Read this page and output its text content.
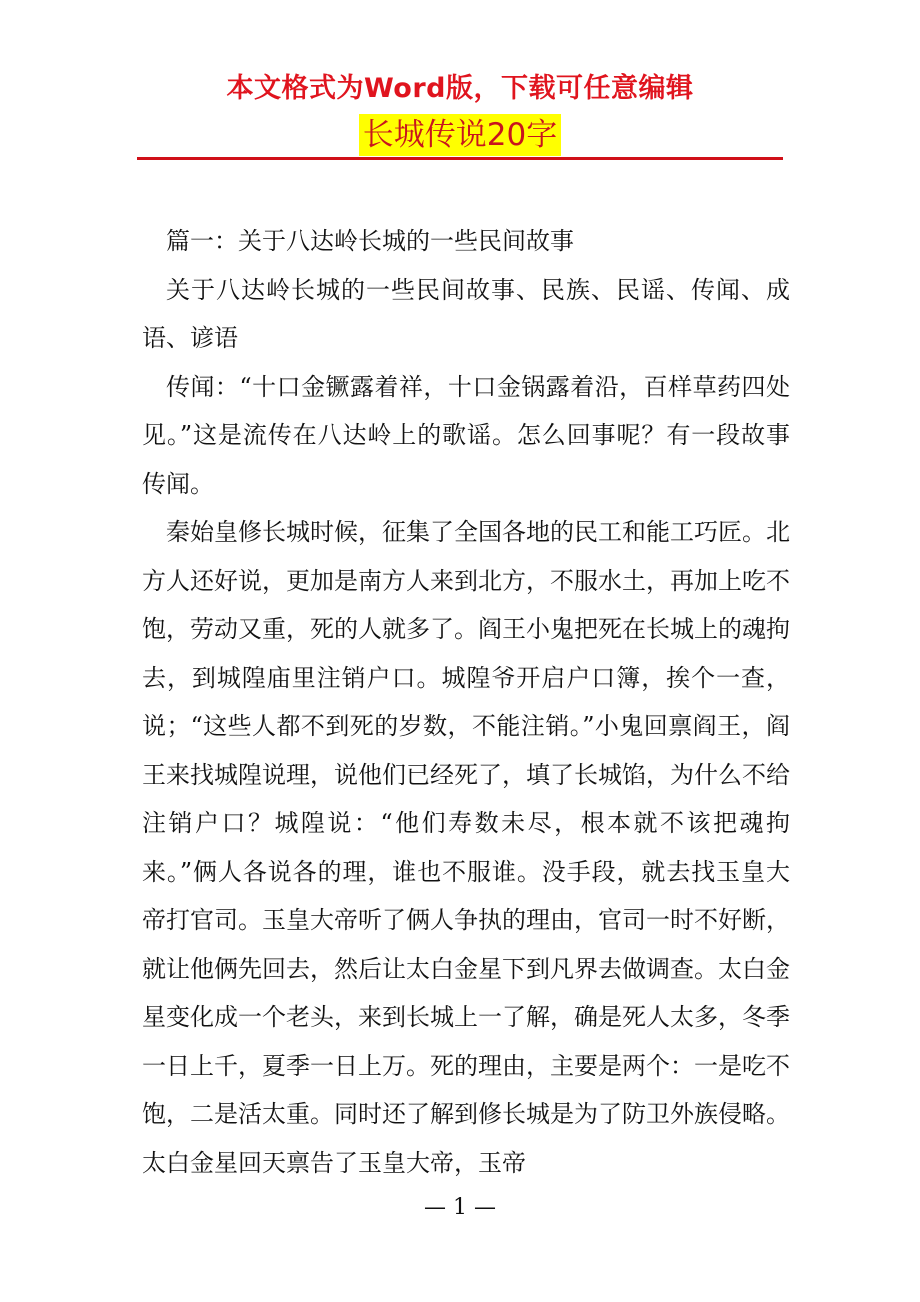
本文格式为Word版，下载可任意编辑
长城传说20字

篇一：关于八达岭长城的一些民间故事

关于八达岭长城的一些民间故事、民族、民谣、传闻、成语、谚语

传闻：“十口金镢露着祥，十口金锅露着沿，百样草药四处见。”这是流传在八达岭上的歌谣。怎么回事呢？有一段故事传闻。

秦始皇修长城时候，征集了全国各地的民工和能工巧匠。北方人还好说，更加是南方人来到北方，不服水土，再加上吃不饱，劳动又重，死的人就多了。阎王小鬼把死在长城上的魂拘去，到城隍庙里注销户口。城隍爷开启户口簿，挨个一查，说；“这些人都不到死的岁数，不能注销。”小鬼回禀阎王，阎王来找城隍说理，说他们已经死了，填了长城馅，为什么不给注销户口？城隍说：“他们寿数未尽，根本就不该把魂拘来。”俩人各说各的理，谁也不服谁。没手段，就去找玉皇大帝打官司。玉皇大帝听了俩人争执的理由，官司一时不好断，就让他俩先回去，然后让太白金星下到凡界去做调查。太白金星变化成一个老头，来到长城上一了解，确是死人太多，冬季一日上千，夏季一日上万。死的理由，主要是两个：一是吃不饱，二是活太重。同时还了解到修长城是为了防卫外族侵略。太白金星回天禀告了玉皇大帝，玉帝

— 1 —
